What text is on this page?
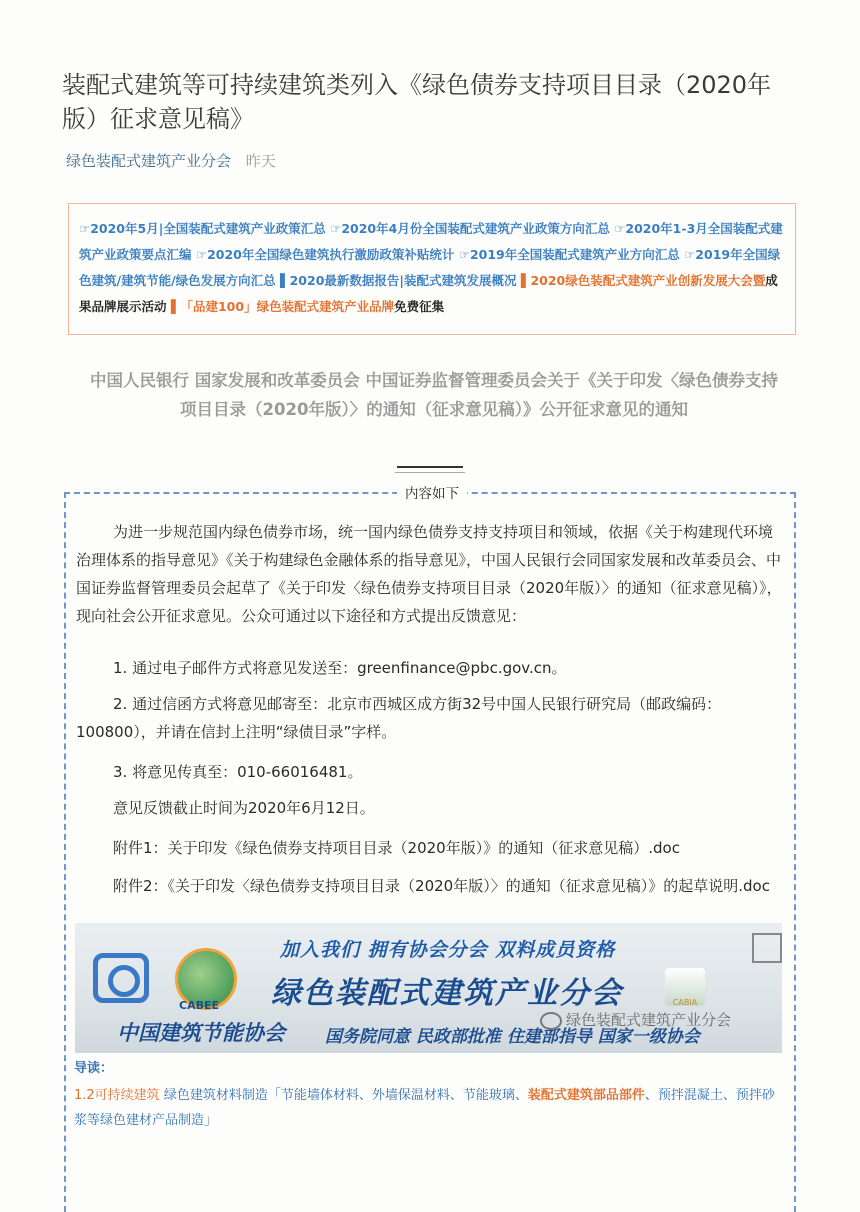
装配式建筑等可持续建筑类列入《绿色债券支持项目目录（2020年版）征求意见稿》
绿色装配式建筑产业分会 昨天
☞2020年5月|全国装配式建筑产业政策汇总 ☞2020年4月份全国装配式建筑产业政策方向汇总 ☞2020年1-3月全国装配式建筑产业政策要点汇编 ☞2020年全国绿色建筑执行激励政策补贴统计 ☞2019年全国装配式建筑产业方向汇总 ☞2019年全国绿色建筑/建筑节能/绿色发展方向汇总 ▌2020最新数据报告|装配式建筑发展概况 ▌2020绿色装配式建筑产业创新发展大会暨成果品牌展示活动 ▌「品建100」绿色装配式建筑产业品牌免费征集
中国人民银行 国家发展和改革委员会 中国证券监督管理委员会关于《关于印发〈绿色债券支持项目目录（2020年版）〉的通知（征求意见稿）》公开征求意见的通知
内容如下
为进一步规范国内绿色债券市场，统一国内绿色债券支持支持项目和领域，依据《关于构建现代环境治理体系的指导意见》《关于构建绿色金融体系的指导意见》，中国人民银行会同国家发展和改革委员会、中国证券监督管理委员会起草了《关于印发〈绿色债券支持项目目录（2020年版）〉的通知（征求意见稿）》，现向社会公开征求意见。公众可通过以下途径和方式提出反馈意见：
1. 通过电子邮件方式将意见发送至：greenfinance@pbc.gov.cn。
2. 通过信函方式将意见邮寄至：北京市西城区成方街32号中国人民银行研究局（邮政编码：100800），并请在信封上注明“绿债目录”字样。
3. 将意见传真至：010-66016481。
意见反馈截止时间为2020年6月12日。
附件1：关于印发《绿色债券支持项目目录（2020年版）》的通知（征求意见稿）.doc
附件2：《关于印发〈绿色债券支持项目目录（2020年版）〉的通知（征求意见稿）》的起草说明.doc
CABEE
加入我们 拥有协会分会 双料成员资格
绿色装配式建筑产业分会	CABIA
中国建筑节能协会 国务院同意 民政部批准 住建部指导 国家一级协会
绿色装配式建筑产业分会
导读：
1.2可持续建筑 绿色建筑材料制造「节能墙体材料、外墙保温材料、节能玻璃、装配式建筑部品部件、预拌混凝土、预拌砂浆等绿色建材产品制造」
